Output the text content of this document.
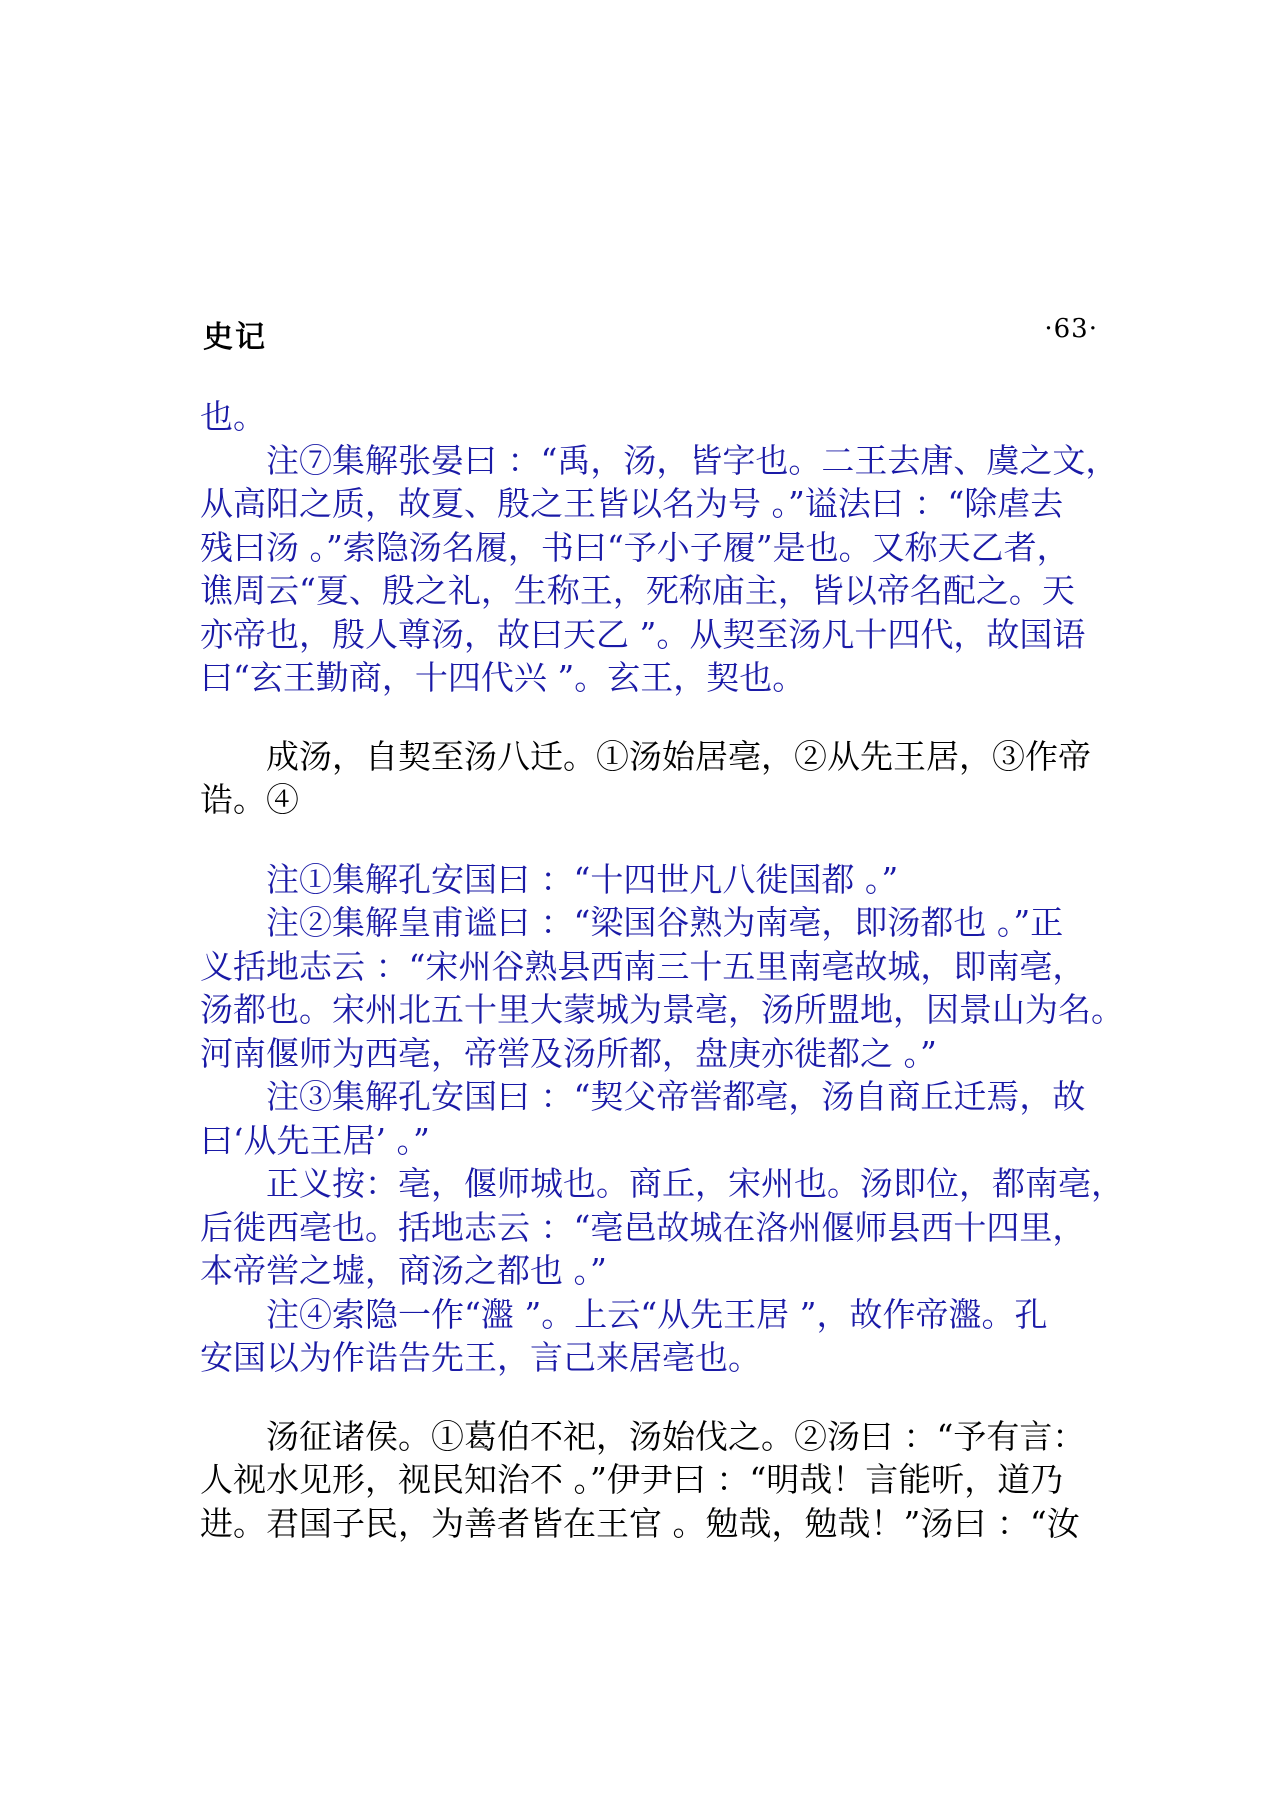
史记	·63·
也。
注⑦集解张晏曰 ：“禹，汤，皆字也。二王去唐、虞之文，
从高阳之质，故夏、殷之王皆以名为号 。”谥法曰 ：“除虐去
残曰汤 。”索隐汤名履，书曰“予小子履”是也。又称天乙者，
谯周云“夏、殷之礼，生称王，死称庙主，皆以帝名配之。天
亦帝也，殷人尊汤，故曰天乙 ”。从契至汤凡十四代，故国语
曰“玄王勤商，十四代兴 ”。玄王，契也。
成汤，自契至汤八迁。①汤始居亳，②从先王居，③作帝
诰。④
注①集解孔安国曰 ：“十四世凡八徙国都 。”
注②集解皇甫谧曰 ：“梁国谷熟为南亳，即汤都也 。”正
义括地志云 ：“宋州谷熟县西南三十五里南亳故城，即南亳，
汤都也。宋州北五十里大蒙城为景亳，汤所盟地，因景山为名。
河南偃师为西亳，帝喾及汤所都，盘庚亦徙都之 。”
注③集解孔安国曰 ：“契父帝喾都亳，汤自商丘迁焉，故
曰‘从先王居’ 。”
正义按：亳，偃师城也。商丘，宋州也。汤即位，都南亳，
后徙西亳也。括地志云 ：“亳邑故城在洛州偃师县西十四里，
本帝喾之墟，商汤之都也 。”
注④索隐一作“瀊 ”。上云“从先王居 ”，故作帝瀊。孔
安国以为作诰告先王，言己来居亳也。
汤征诸侯。①葛伯不祀，汤始伐之。②汤曰 ：“予有言：
人视水见形，视民知治不 。”伊尹曰 ：“明哉！言能听，道乃
进。君国子民，为善者皆在王官 。勉哉，勉哉！”汤曰 ：“汝
